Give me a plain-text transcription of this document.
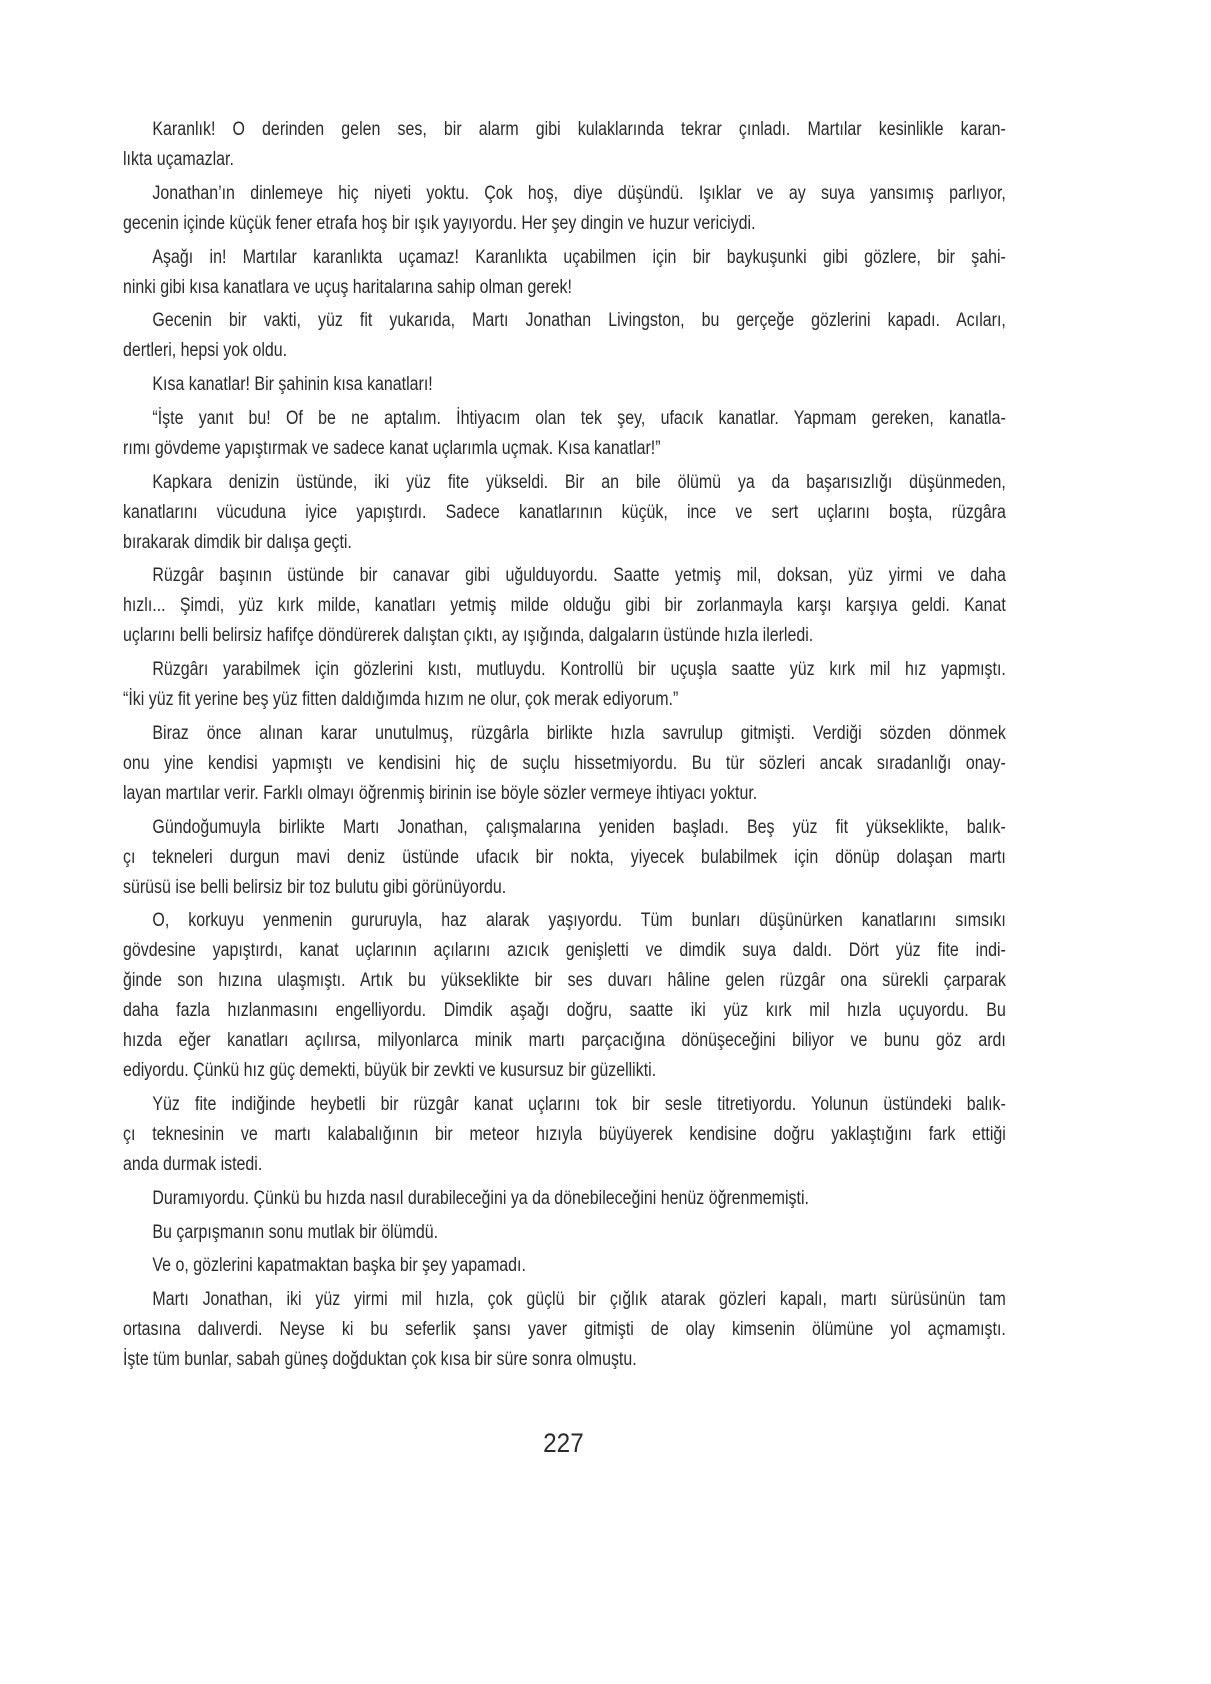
Karanlık! O derinden gelen ses, bir alarm gibi kulaklarında tekrar çınladı. Martılar kesinlikle karan-
lıkta uçamazlar.
Jonathan’ın dinlemeye hiç niyeti yoktu. Çok hoş, diye düşündü. Işıklar ve ay suya yansımış parlıyor,
gecenin içinde küçük fener etrafa hoş bir ışık yayıyordu. Her şey dingin ve huzur vericiydi.
Aşağı in! Martılar karanlıkta uçamaz! Karanlıkta uçabilmen için bir baykuşunki gibi gözlere, bir şahi-
ninki gibi kısa kanatlara ve uçuş haritalarına sahip olman gerek!
Gecenin bir vakti, yüz fit yukarıda, Martı Jonathan Livingston, bu gerçeğe gözlerini kapadı. Acıları,
dertleri, hepsi yok oldu.
Kısa kanatlar! Bir şahinin kısa kanatları!
“İşte yanıt bu! Of be ne aptalım. İhtiyacım olan tek şey, ufacık kanatlar. Yapmam gereken, kanatla-
rımı gövdeme yapıştırmak ve sadece kanat uçlarımla uçmak. Kısa kanatlar!”
Kapkara denizin üstünde, iki yüz fite yükseldi. Bir an bile ölümü ya da başarısızlığı düşünmeden,
kanatlarını vücuduna iyice yapıştırdı. Sadece kanatlarının küçük, ince ve sert uçlarını boşta, rüzgâra
bırakarak dimdik bir dalışa geçti.
Rüzgâr başının üstünde bir canavar gibi uğulduyordu. Saatte yetmiş mil, doksan, yüz yirmi ve daha
hızlı... Şimdi, yüz kırk milde, kanatları yetmiş milde olduğu gibi bir zorlanmayla karşı karşıya geldi. Kanat
uçlarını belli belirsiz hafifçe döndürerek dalıştan çıktı, ay ışığında, dalgaların üstünde hızla ilerledi.
Rüzgârı yarabilmek için gözlerini kıstı, mutluydu. Kontrollü bir uçuşla saatte yüz kırk mil hız yapmıştı.
“İki yüz fit yerine beş yüz fitten daldığımda hızım ne olur, çok merak ediyorum.”
Biraz önce alınan karar unutulmuş, rüzgârla birlikte hızla savrulup gitmişti. Verdiği sözden dönmek
onu yine kendisi yapmıştı ve kendisini hiç de suçlu hissetmiyordu. Bu tür sözleri ancak sıradanlığı onay-
layan martılar verir. Farklı olmayı öğrenmiş birinin ise böyle sözler vermeye ihtiyacı yoktur.
Gündoğumuyla birlikte Martı Jonathan, çalışmalarına yeniden başladı. Beş yüz fit yükseklikte, balık-
çı tekneleri durgun mavi deniz üstünde ufacık bir nokta, yiyecek bulabilmek için dönüp dolaşan martı
sürüsü ise belli belirsiz bir toz bulutu gibi görünüyordu.
O, korkuyu yenmenin gururuyla, haz alarak yaşıyordu. Tüm bunları düşünürken kanatlarını sımsıkı
gövdesine yapıştırdı, kanat uçlarının açılarını azıcık genişletti ve dimdik suya daldı. Dört yüz fite indi-
ğinde son hızına ulaşmıştı. Artık bu yükseklikte bir ses duvarı hâline gelen rüzgâr ona sürekli çarparak
daha fazla hızlanmasını engelliyordu. Dimdik aşağı doğru, saatte iki yüz kırk mil hızla uçuyordu. Bu
hızda eğer kanatları açılırsa, milyonlarca minik martı parçacığına dönüşeceğini biliyor ve bunu göz ardı
ediyordu. Çünkü hız güç demekti, büyük bir zevkti ve kusursuz bir güzellikti.
Yüz fite indiğinde heybetli bir rüzgâr kanat uçlarını tok bir sesle titretiyordu. Yolunun üstündeki balık-
çı teknesinin ve martı kalabalığının bir meteor hızıyla büyüyerek kendisine doğru yaklaştığını fark ettiği
anda durmak istedi.
Duramıyordu. Çünkü bu hızda nasıl durabileceğini ya da dönebileceğini henüz öğrenmemişti.
Bu çarpışmanın sonu mutlak bir ölümdü.
Ve o, gözlerini kapatmaktan başka bir şey yapamadı.
Martı Jonathan, iki yüz yirmi mil hızla, çok güçlü bir çığlık atarak gözleri kapalı, martı sürüsünün tam
ortasına dalıverdi. Neyse ki bu seferlik şansı yaver gitmişti de olay kimsenin ölümüne yol açmamıştı.
İşte tüm bunlar, sabah güneş doğduktan çok kısa bir süre sonra olmuştu.
227
